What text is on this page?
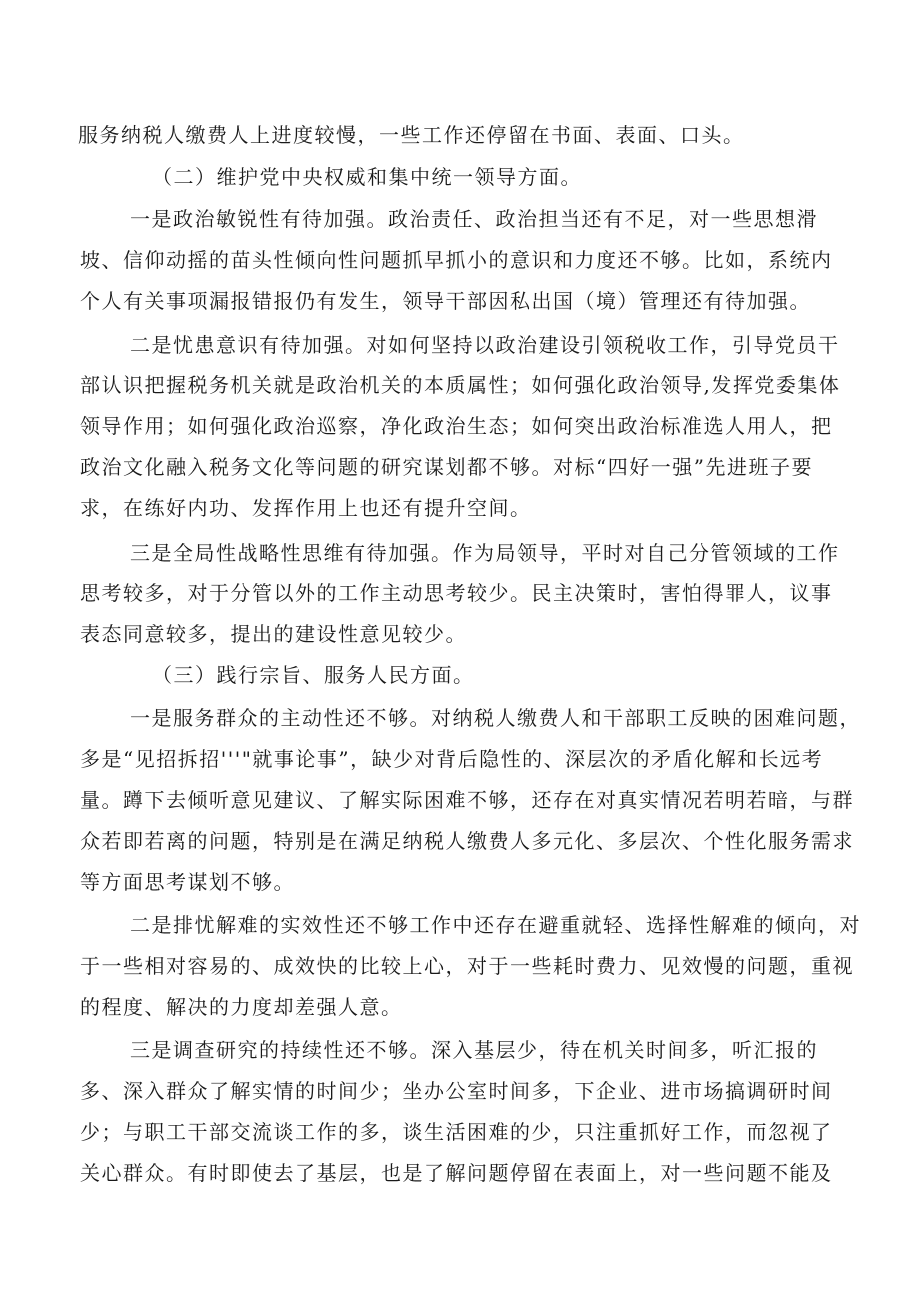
服务纳税人缴费人上进度较慢，一些工作还停留在书面、表面、口头。
（二）维护党中央权威和集中统一领导方面。
一是政治敏锐性有待加强。政治责任、政治担当还有不足，对一些思想滑
坡、信仰动摇的苗头性倾向性问题抓早抓小的意识和力度还不够。比如，系统内
个人有关事项漏报错报仍有发生，领导干部因私出国（境）管理还有待加强。
二是忧患意识有待加强。对如何坚持以政治建设引领税收工作，引导党员干
部认识把握税务机关就是政治机关的本质属性；如何强化政治领导,发挥党委集体
领导作用；如何强化政治巡察，净化政治生态；如何突出政治标准选人用人，把
政治文化融入税务文化等问题的研究谋划都不够。对标“四好一强”先进班子要
求，在练好内功、发挥作用上也还有提升空间。
三是全局性战略性思维有待加强。作为局领导，平时对自己分管领域的工作
思考较多，对于分管以外的工作主动思考较少。民主决策时，害怕得罪人，议事
表态同意较多，提出的建设性意见较少。
（三）践行宗旨、服务人民方面。
一是服务群众的主动性还不够。对纳税人缴费人和干部职工反映的困难问题，
多是“见招拆招'''"就事论事”，缺少对背后隐性的、深层次的矛盾化解和长远考
量。蹲下去倾听意见建议、了解实际困难不够，还存在对真实情况若明若暗，与群
众若即若离的问题，特别是在满足纳税人缴费人多元化、多层次、个性化服务需求
等方面思考谋划不够。
二是排忧解难的实效性还不够工作中还存在避重就轻、选择性解难的倾向，对
于一些相对容易的、成效快的比较上心，对于一些耗时费力、见效慢的问题，重视
的程度、解决的力度却差强人意。
三是调查研究的持续性还不够。深入基层少，待在机关时间多，听汇报的
多、深入群众了解实情的时间少；坐办公室时间多，下企业、进市场搞调研时间
少；与职工干部交流谈工作的多，谈生活困难的少，只注重抓好工作，而忽视了
关心群众。有时即使去了基层，也是了解问题停留在表面上，对一些问题不能及
